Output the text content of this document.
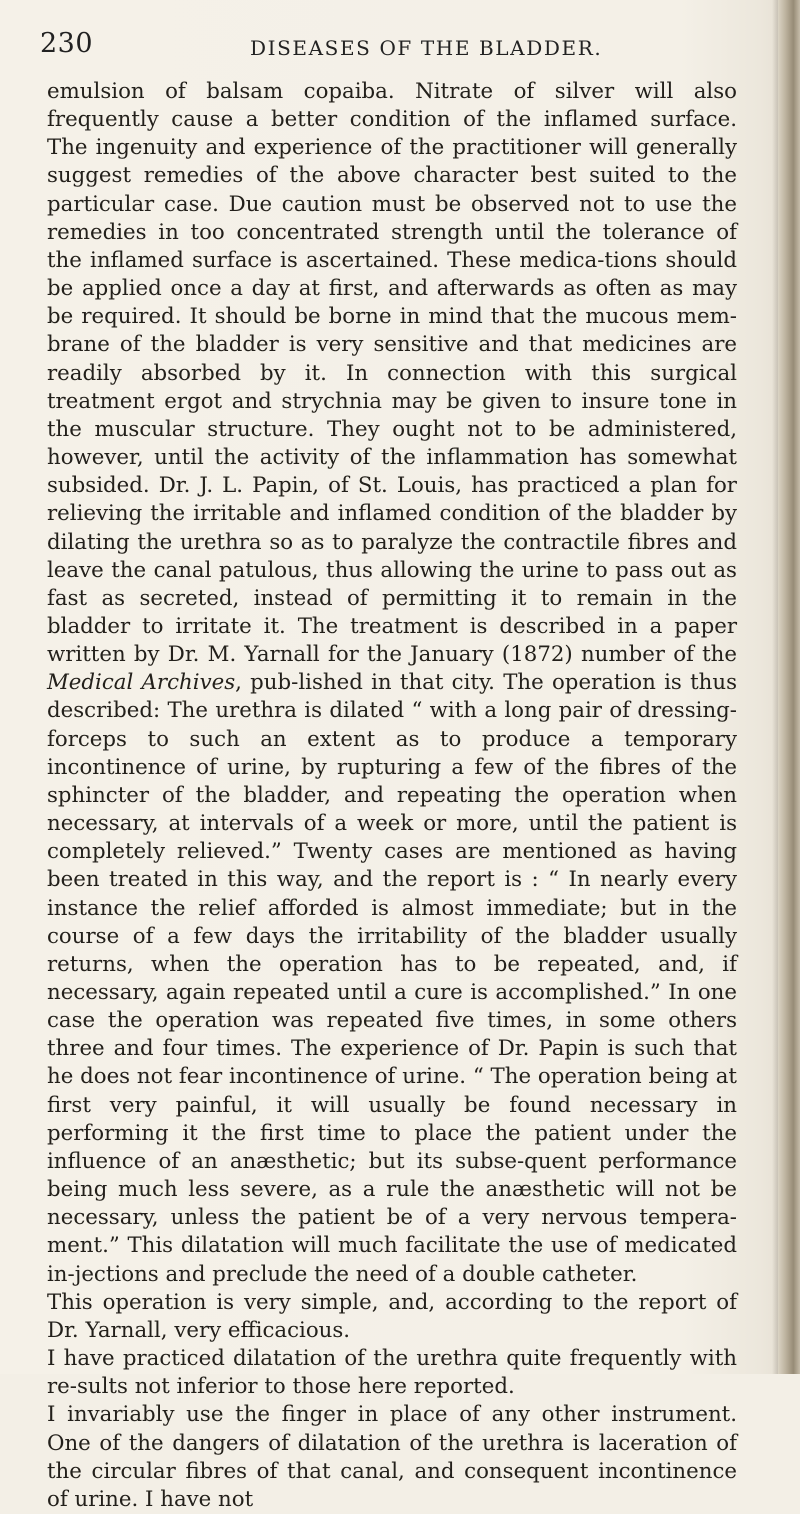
230	DISEASES OF THE BLADDER.

emulsion of balsam copaiba. Nitrate of silver will also frequently cause a better condition of the inflamed surface. The ingenuity and experience of the practitioner will generally suggest remedies of the above character best suited to the particular case. Due caution must be observed not to use the remedies in too concentrated strength until the tolerance of the inflamed surface is ascertained. These medica-tions should be applied once a day at first, and afterwards as often as may be required. It should be borne in mind that the mucous mem-brane of the bladder is very sensitive and that medicines are readily absorbed by it. In connection with this surgical treatment ergot and strychnia may be given to insure tone in the muscular structure. They ought not to be administered, however, until the activity of the inflammation has somewhat subsided. Dr. J. L. Papin, of St. Louis, has practiced a plan for relieving the irritable and inflamed condition of the bladder by dilating the urethra so as to paralyze the contractile fibres and leave the canal patulous, thus allowing the urine to pass out as fast as secreted, instead of permitting it to remain in the bladder to irritate it. The treatment is described in a paper written by Dr. M. Yarnall for the January (1872) number of the Medical Archives, pub-lished in that city. The operation is thus described: The urethra is dilated “ with a long pair of dressing-forceps to such an extent as to produce a temporary incontinence of urine, by rupturing a few of the fibres of the sphincter of the bladder, and repeating the operation when necessary, at intervals of a week or more, until the patient is completely relieved.” Twenty cases are mentioned as having been treated in this way, and the report is : “ In nearly every instance the relief afforded is almost immediate; but in the course of a few days the irritability of the bladder usually returns, when the operation has to be repeated, and, if necessary, again repeated until a cure is accomplished.” In one case the operation was repeated five times, in some others three and four times. The experience of Dr. Papin is such that he does not fear incontinence of urine. “ The operation being at first very painful, it will usually be found necessary in performing it the first time to place the patient under the influence of an anæsthetic; but its subse-quent performance being much less severe, as a rule the anæsthetic will not be necessary, unless the patient be of a very nervous tempera-ment.” This dilatation will much facilitate the use of medicated in-jections and preclude the need of a double catheter.

This operation is very simple, and, according to the report of Dr. Yarnall, very efficacious.

I have practiced dilatation of the urethra quite frequently with re-sults not inferior to those here reported.

I invariably use the finger in place of any other instrument. One of the dangers of dilatation of the urethra is laceration of the circular fibres of that canal, and consequent incontinence of urine. I have not
